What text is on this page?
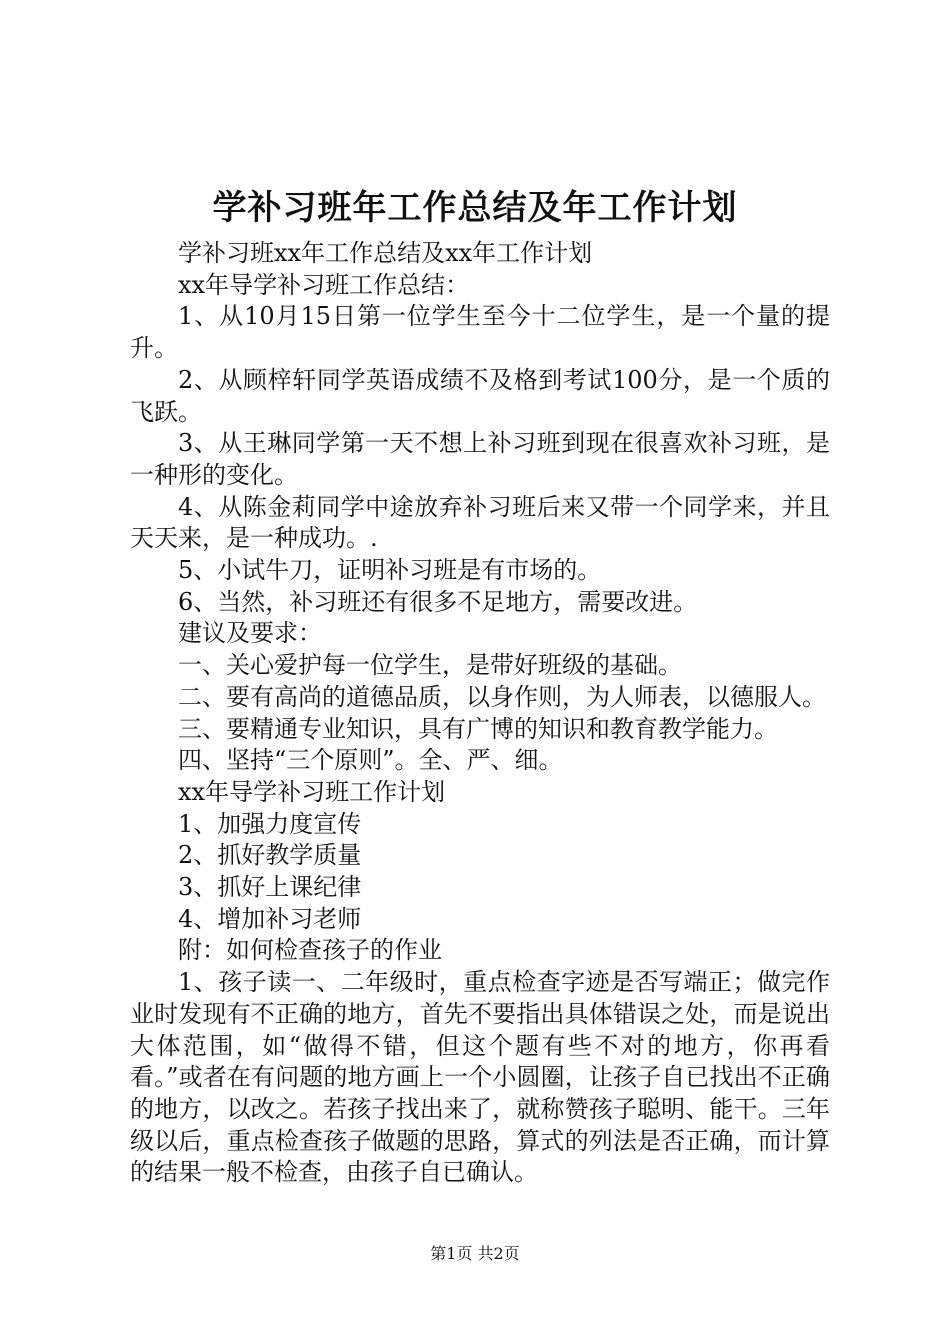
学补习班年工作总结及年工作计划

学补习班xx年工作总结及xx年工作计划

xx年导学补习班工作总结：

1、从10月15日第一位学生至今十二位学生，是一个量的提升。

2、从顾梓轩同学英语成绩不及格到考试100分，是一个质的飞跃。

3、从王琳同学第一天不想上补习班到现在很喜欢补习班，是一种形的变化。

4、从陈金莉同学中途放弃补习班后来又带一个同学来，并且天天来，是一种成功。.

5、小试牛刀，证明补习班是有市场的。

6、当然，补习班还有很多不足地方，需要改进。

建议及要求：

一、关心爱护每一位学生，是带好班级的基础。

二、要有高尚的道德品质，以身作则，为人师表，以德服人。

三、要精通专业知识，具有广博的知识和教育教学能力。

四、坚持“三个原则”。全、严、细。

xx年导学补习班工作计划

1、加强力度宣传

2、抓好教学质量

3、抓好上课纪律

4、增加补习老师

附：如何检查孩子的作业

1、孩子读一、二年级时，重点检查字迹是否写端正；做完作业时发现有不正确的地方，首先不要指出具体错误之处，而是说出大体范围，如“做得不错，但这个题有些不对的地方，你再看看。”或者在有问题的地方画上一个小圆圈，让孩子自已找出不正确的地方，以改之。若孩子找出来了，就称赞孩子聪明、能干。三年级以后，重点检查孩子做题的思路，算式的列法是否正确，而计算的结果一般不检查，由孩子自已确认。

第1页 共2页
